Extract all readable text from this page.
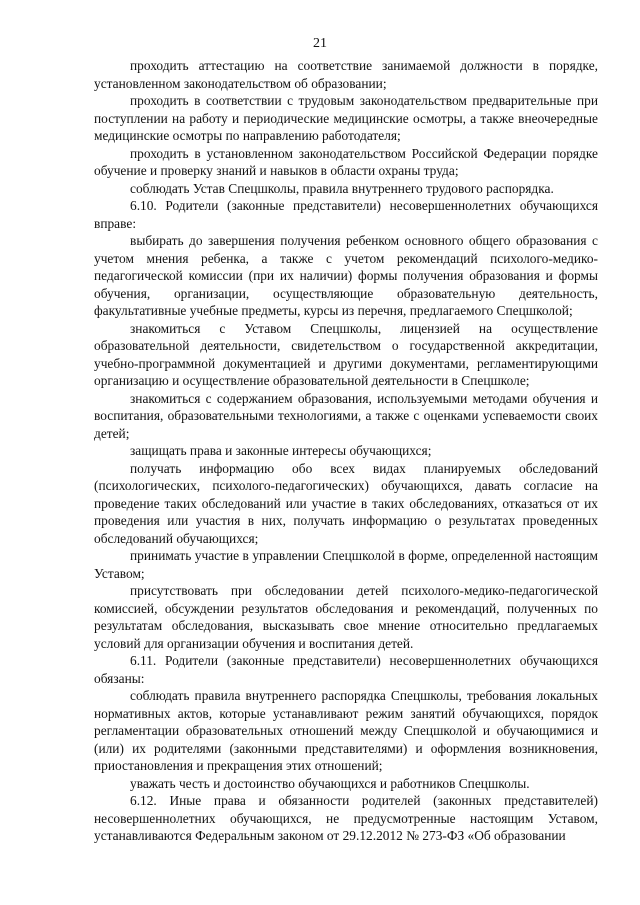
21

проходить аттестацию на соответствие занимаемой должности в порядке, установленном законодательством об образовании;

проходить в соответствии с трудовым законодательством предварительные при поступлении на работу и периодические медицинские осмотры, а также внеочередные медицинские осмотры по направлению работодателя;

проходить в установленном законодательством Российской Федерации порядке обучение и проверку знаний и навыков в области охраны труда;

соблюдать Устав Спецшколы, правила внутреннего трудового распорядка.

6.10. Родители (законные представители) несовершеннолетних обучающихся вправе:

выбирать до завершения получения ребенком основного общего образования с учетом мнения ребенка, а также с учетом рекомендаций психолого-медико-педагогической комиссии (при их наличии) формы получения образования и формы обучения, организации, осуществляющие образовательную деятельность, факультативные учебные предметы, курсы из перечня, предлагаемого Спецшколой;

знакомиться с Уставом Спецшколы, лицензией на осуществление образовательной деятельности, свидетельством о государственной аккредитации, учебно-программной документацией и другими документами, регламентирующими организацию и осуществление образовательной деятельности в Спецшколе;

знакомиться с содержанием образования, используемыми методами обучения и воспитания, образовательными технологиями, а также с оценками успеваемости своих детей;

защищать права и законные интересы обучающихся;

получать информацию обо всех видах планируемых обследований (психологических, психолого-педагогических) обучающихся, давать согласие на проведение таких обследований или участие в таких обследованиях, отказаться от их проведения или участия в них, получать информацию о результатах проведенных обследований обучающихся;

принимать участие в управлении Спецшколой в форме, определенной настоящим Уставом;

присутствовать при обследовании детей психолого-медико-педагогической комиссией, обсуждении результатов обследования и рекомендаций, полученных по результатам обследования, высказывать свое мнение относительно предлагаемых условий для организации обучения и воспитания детей.

6.11. Родители (законные представители) несовершеннолетних обучающихся обязаны:

соблюдать правила внутреннего распорядка Спецшколы, требования локальных нормативных актов, которые устанавливают режим занятий обучающихся, порядок регламентации образовательных отношений между Спецшколой и обучающимися и (или) их родителями (законными представителями) и оформления возникновения, приостановления и прекращения этих отношений;

уважать честь и достоинство обучающихся и работников Спецшколы.

6.12. Иные права и обязанности родителей (законных представителей) несовершеннолетних обучающихся, не предусмотренные настоящим Уставом, устанавливаются Федеральным законом от 29.12.2012 № 273-ФЗ «Об образовании
